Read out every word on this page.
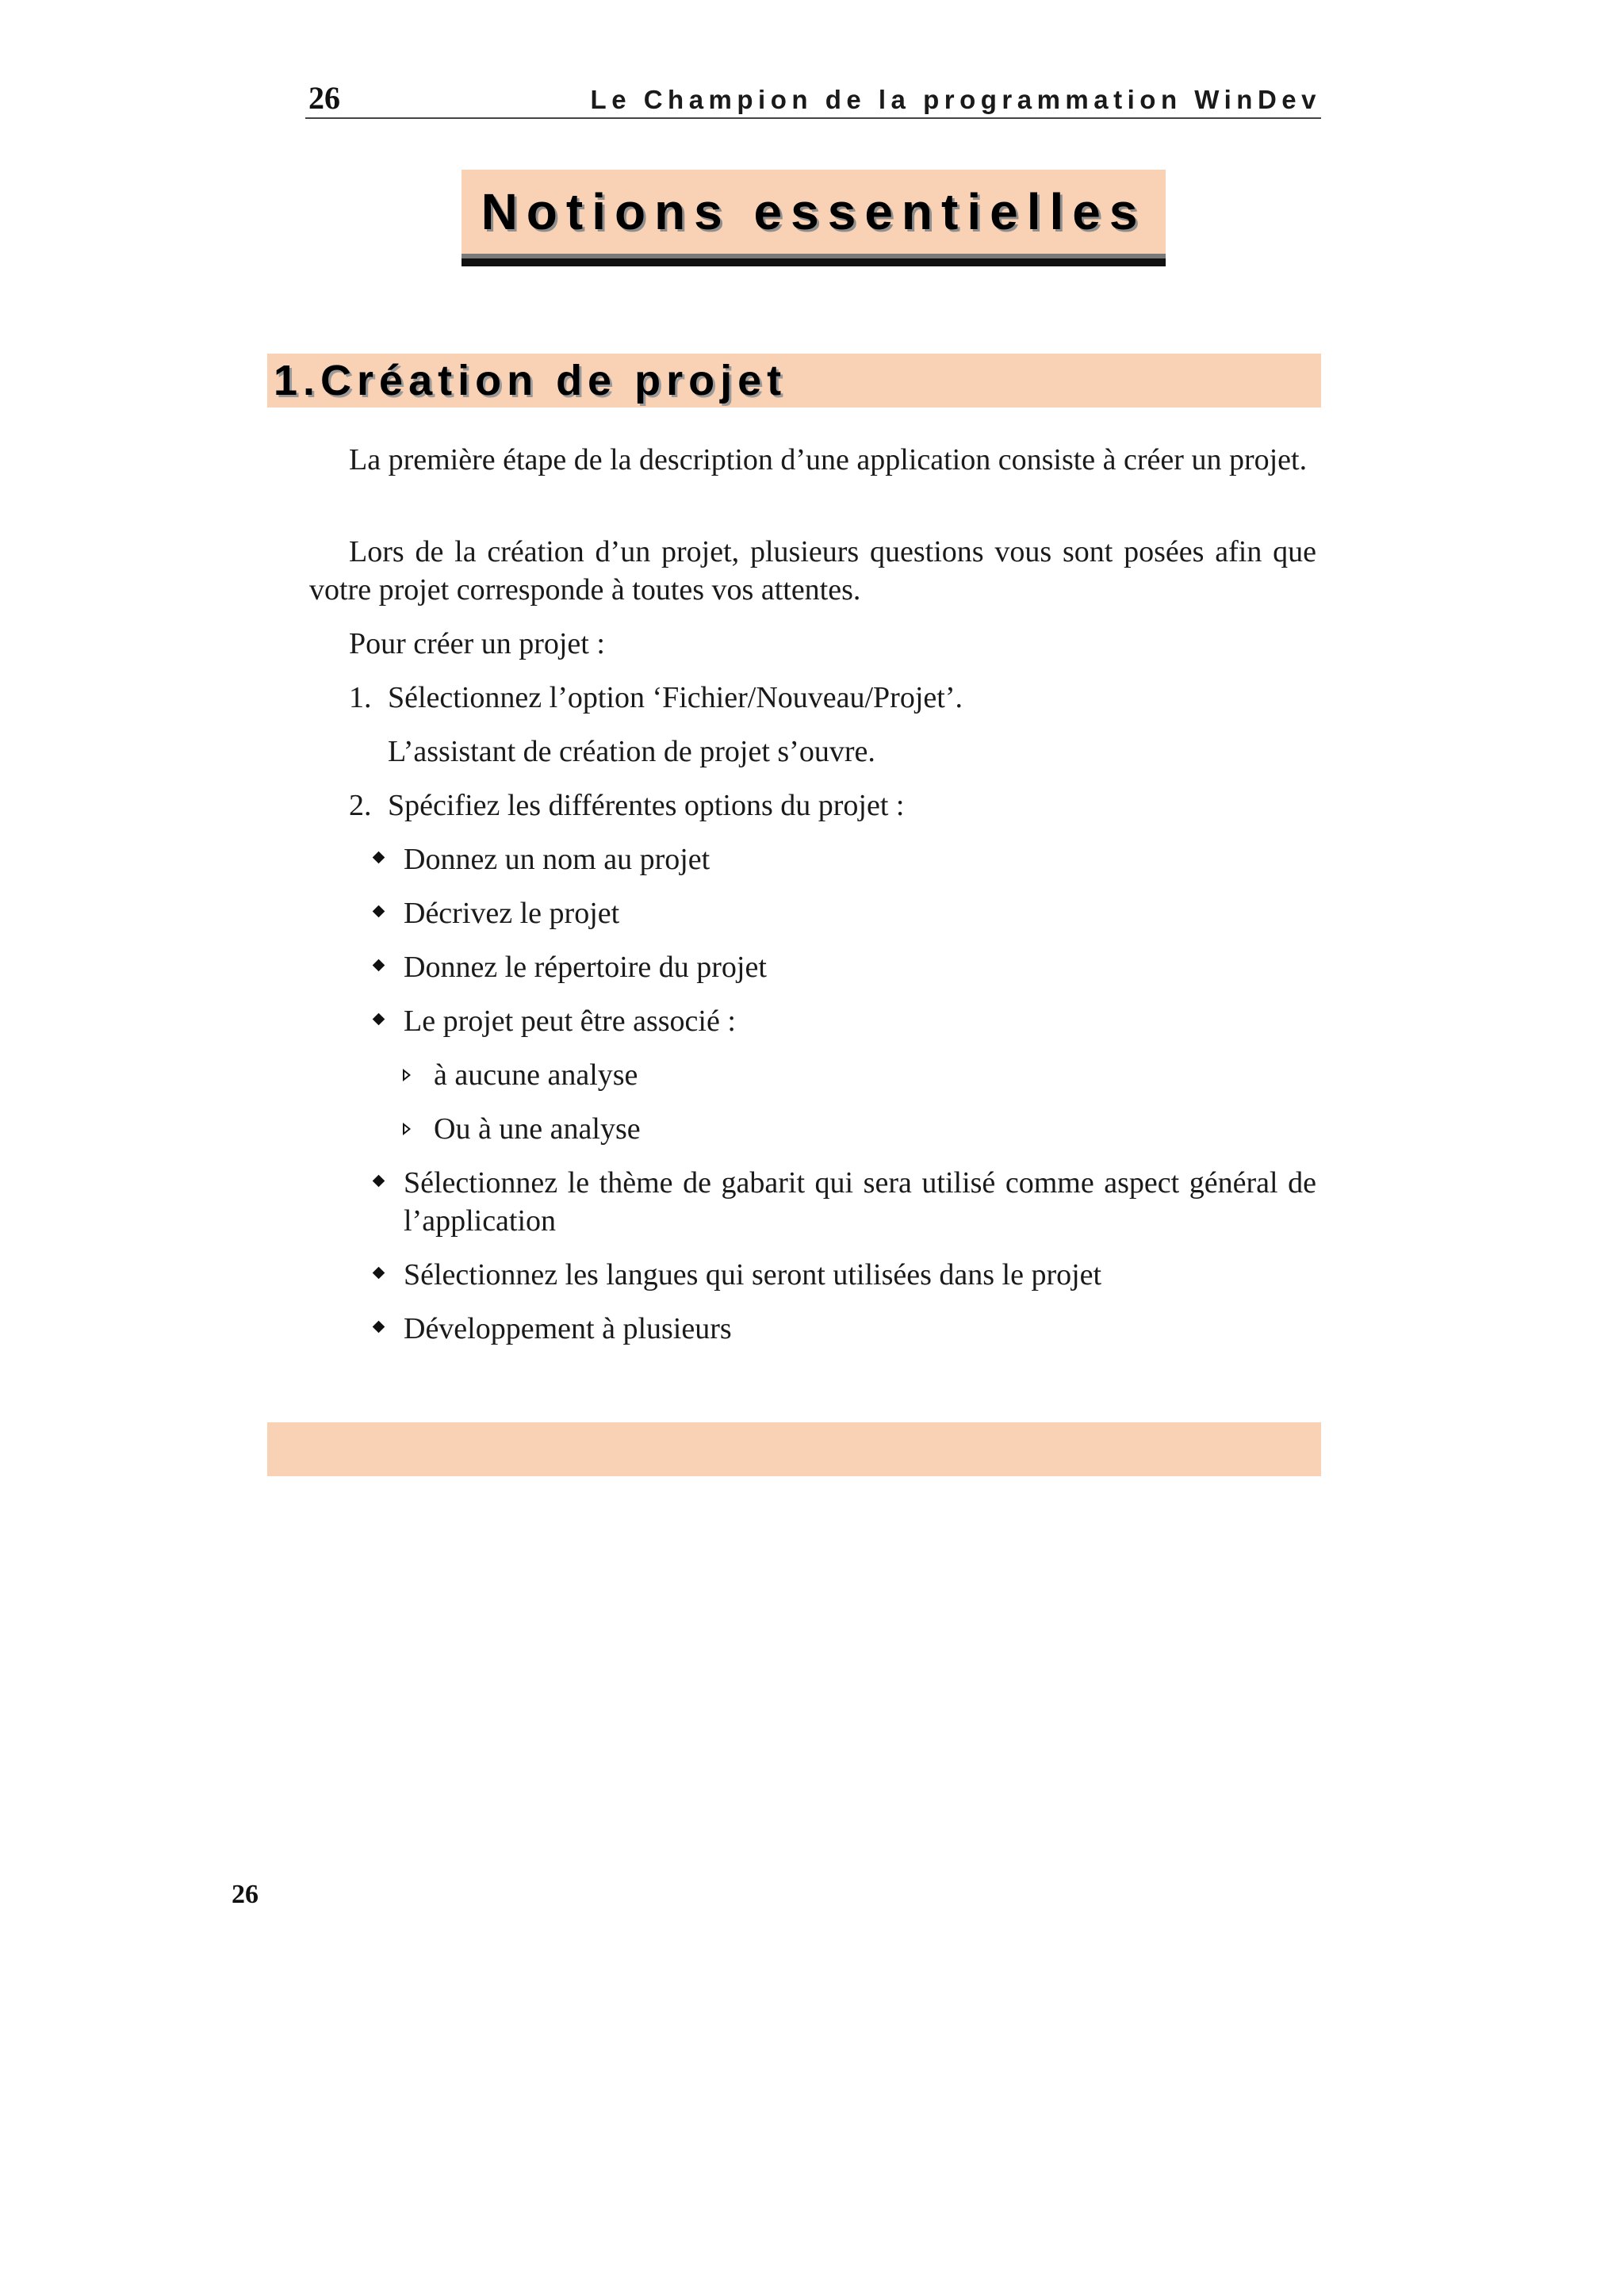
26	Le Champion de la programmation WinDev
Notions essentielles
1.Création de projet
La première étape de la description d’une application consiste à créer un projet.
Lors de la création d’un projet, plusieurs questions vous sont posées afin que votre projet corresponde à toutes vos attentes.
Pour créer un projet :
1. Sélectionnez l’option ‘Fichier/Nouveau/Projet’.
L’assistant de création de projet s’ouvre.
2. Spécifiez les différentes options du projet :
Donnez un nom au projet
Décrivez le projet
Donnez le répertoire du projet
Le projet peut être associé :
à aucune analyse
Ou à une analyse
Sélectionnez le thème de gabarit qui sera utilisé comme aspect général de l’application
Sélectionnez les langues qui seront utilisées dans le projet
Développement à plusieurs
26
